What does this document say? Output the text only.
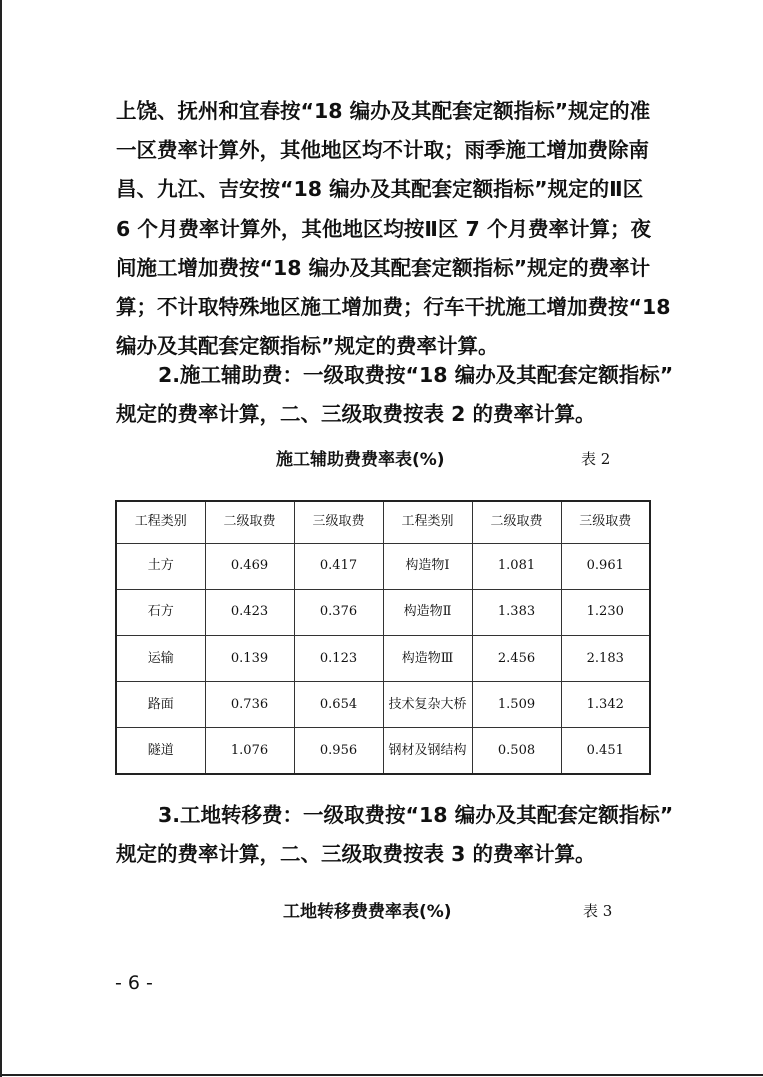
上饶、抚州和宜春按“18 编办及其配套定额指标”规定的准
一区费率计算外，其他地区均不计取；雨季施工增加费除南
昌、九江、吉安按“18 编办及其配套定额指标”规定的Ⅱ区
6 个月费率计算外，其他地区均按Ⅱ区 7 个月费率计算；夜
间施工增加费按“18 编办及其配套定额指标”规定的费率计
算；不计取特殊地区施工增加费；行车干扰施工增加费按“18
编办及其配套定额指标”规定的费率计算。

2.施工辅助费：一级取费按“18 编办及其配套定额指标”
规定的费率计算，二、三级取费按表 2 的费率计算。

施工辅助费费率表(%)	表 2
工程类别	二级取费	三级取费	工程类别	二级取费	三级取费
土方	0.469	0.417	构造物Ⅰ	1.081	0.961
石方	0.423	0.376	构造物Ⅱ	1.383	1.230
运输	0.139	0.123	构造物Ⅲ	2.456	2.183
路面	0.736	0.654	技术复杂大桥	1.509	1.342
隧道	1.076	0.956	钢材及钢结构	0.508	0.451

3.工地转移费：一级取费按“18 编办及其配套定额指标”
规定的费率计算，二、三级取费按表 3 的费率计算。

工地转移费费率表(%)	表 3
- 6 -
